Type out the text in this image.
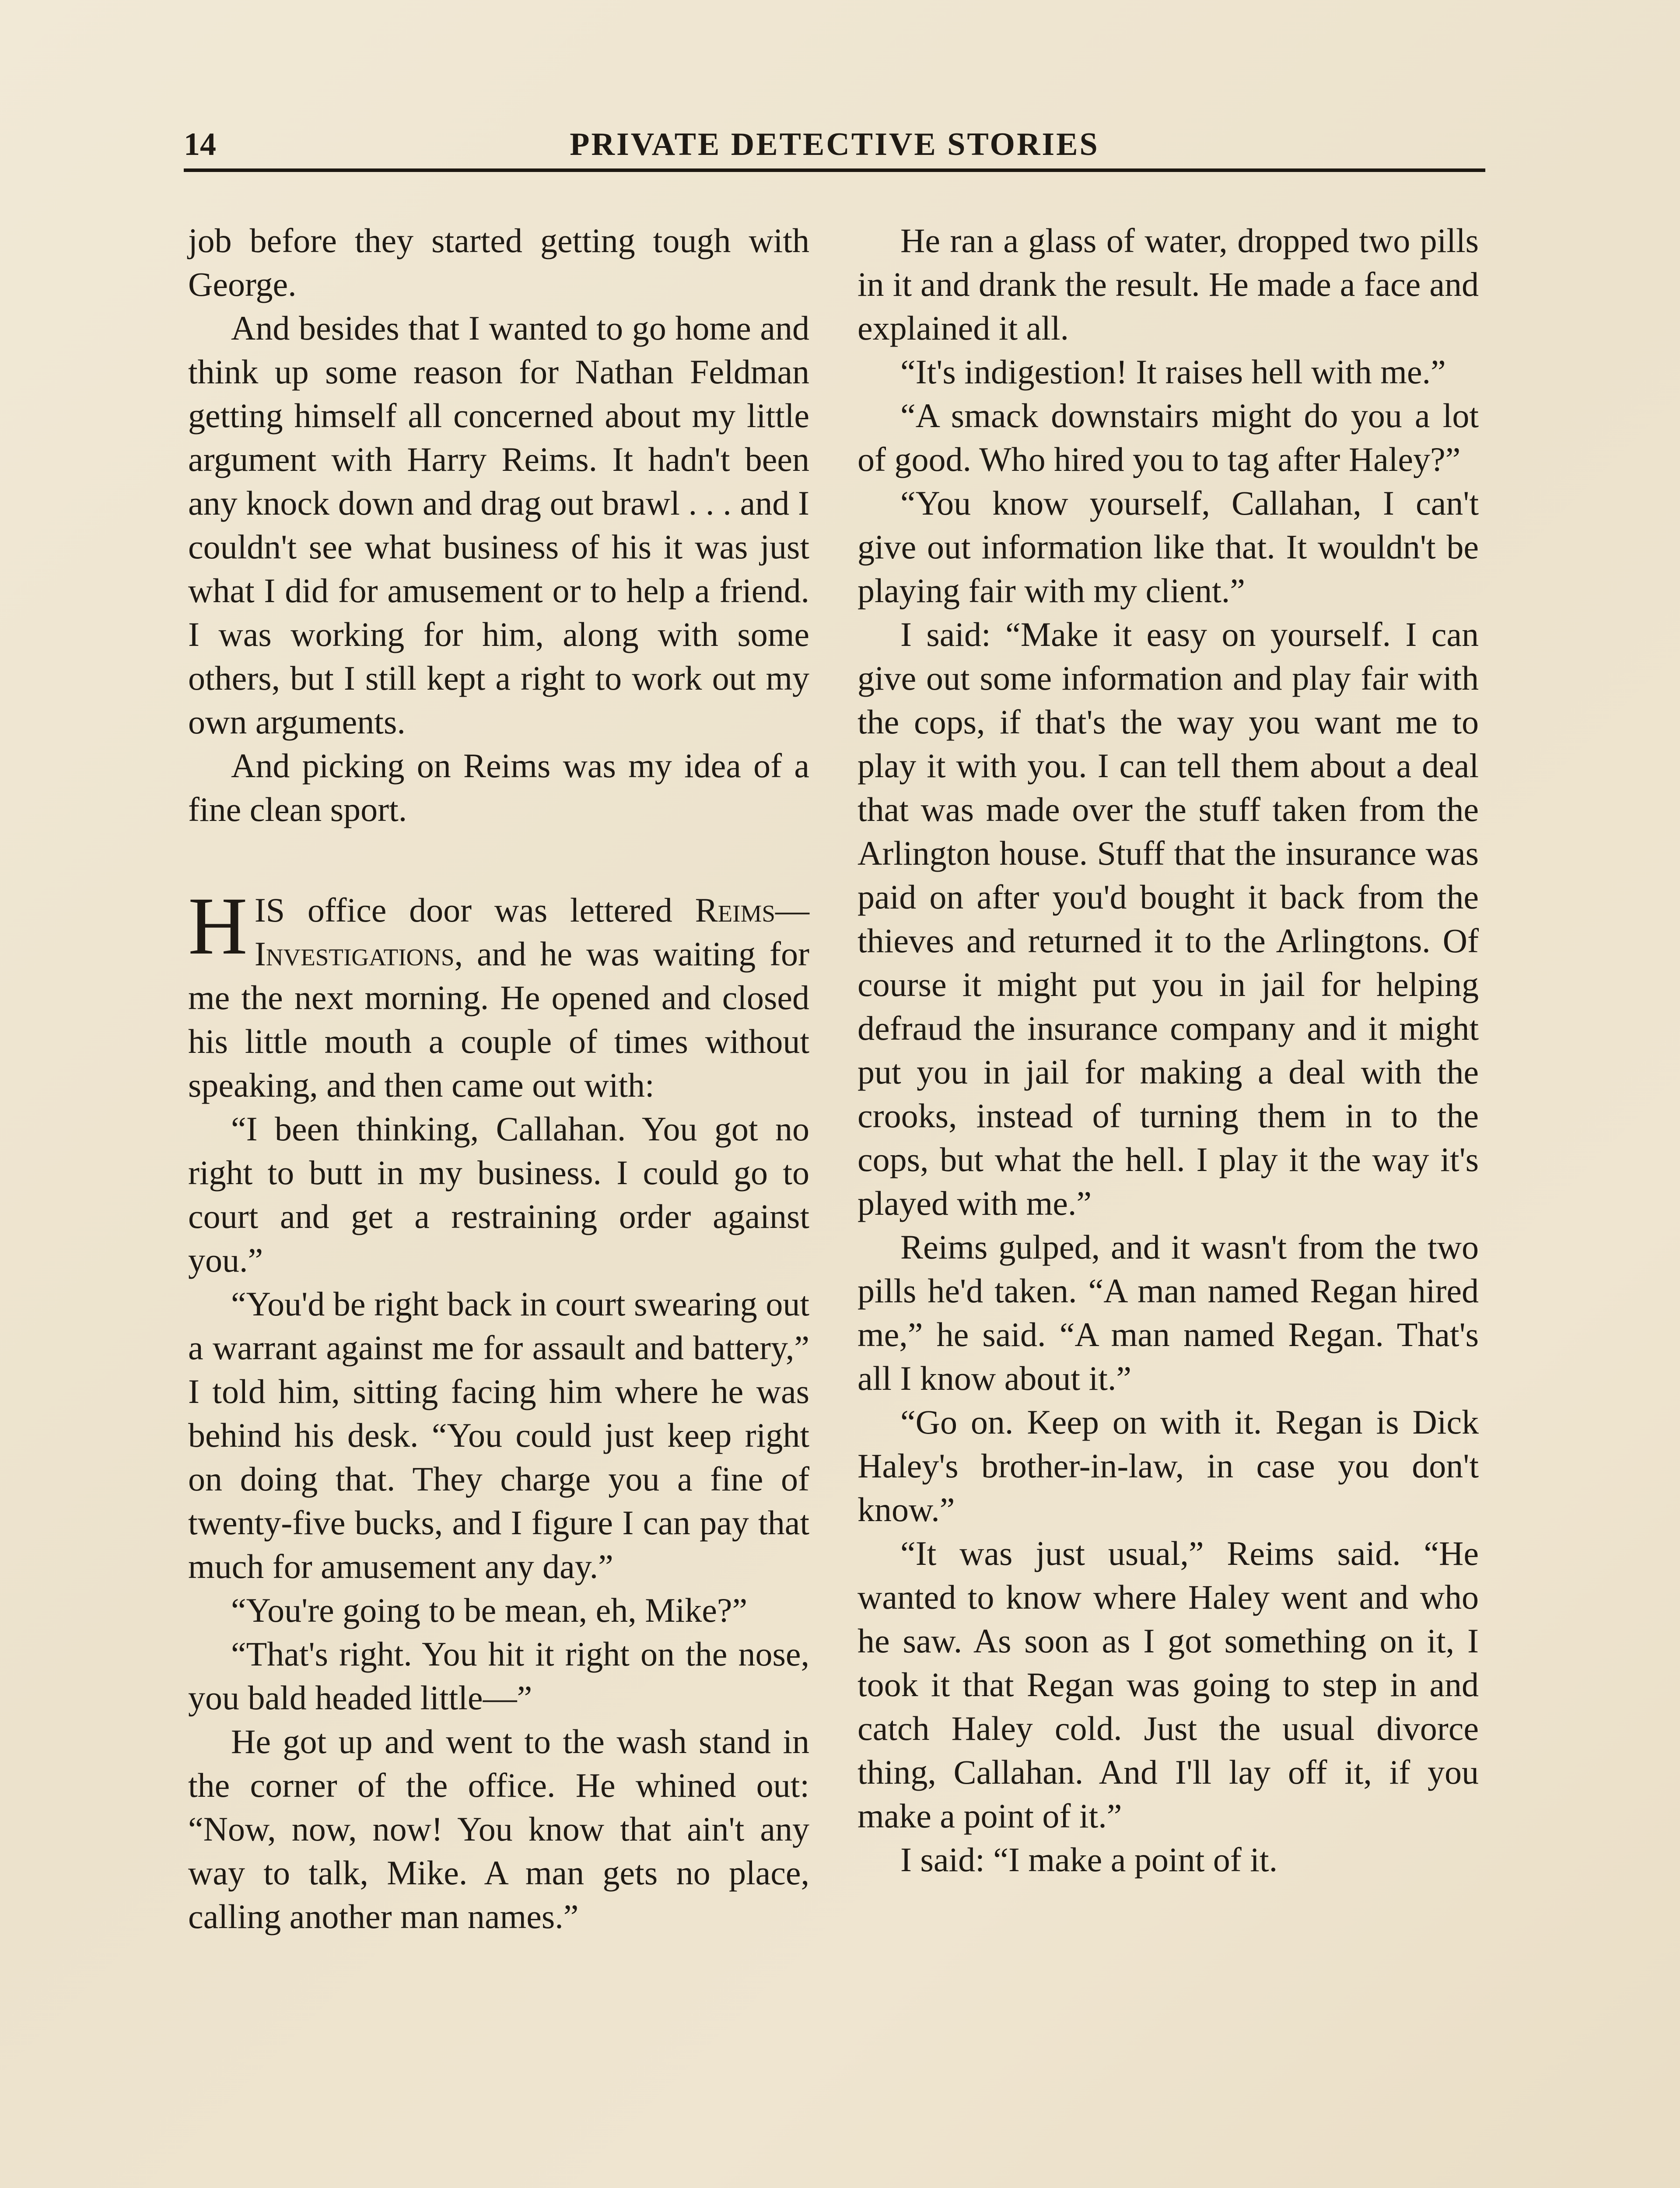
14	PRIVATE DETECTIVE STORIES

job before they started getting tough with George.

And besides that I wanted to go home and think up some reason for Nathan Feldman getting himself all concerned about my little argument with Harry Reims. It hadn't been any knock down and drag out brawl . . . and I couldn't see what business of his it was just what I did for amusement or to help a friend. I was working for him, along with some others, but I still kept a right to work out my own arguments.

And picking on Reims was my idea of a fine clean sport.

HIS office door was lettered Reims—Investigations, and he was waiting for me the next morning. He opened and closed his little mouth a couple of times without speaking, and then came out with:

“I been thinking, Callahan. You got no right to butt in my business. I could go to court and get a restraining order against you.”

“You'd be right back in court swearing out a warrant against me for assault and battery,” I told him, sitting facing him where he was behind his desk. “You could just keep right on doing that. They charge you a fine of twenty-five bucks, and I figure I can pay that much for amusement any day.”

“You're going to be mean, eh, Mike?”

“That's right. You hit it right on the nose, you bald headed little—”

He got up and went to the wash stand in the corner of the office. He whined out: “Now, now, now! You know that ain't any way to talk, Mike. A man gets no place, calling another man names.”

He ran a glass of water, dropped two pills in it and drank the result. He made a face and explained it all.

“It's indigestion! It raises hell with me.”

“A smack downstairs might do you a lot of good. Who hired you to tag after Haley?”

“You know yourself, Callahan, I can't give out information like that. It wouldn't be playing fair with my client.”

I said: “Make it easy on yourself. I can give out some information and play fair with the cops, if that's the way you want me to play it with you. I can tell them about a deal that was made over the stuff taken from the Arlington house. Stuff that the insurance was paid on after you'd bought it back from the thieves and returned it to the Arlingtons. Of course it might put you in jail for helping defraud the insurance company and it might put you in jail for making a deal with the crooks, instead of turning them in to the cops, but what the hell. I play it the way it's played with me.”

Reims gulped, and it wasn't from the two pills he'd taken. “A man named Regan hired me,” he said. “A man named Regan. That's all I know about it.”

“Go on. Keep on with it. Regan is Dick Haley's brother-in-law, in case you don't know.”

“It was just usual,” Reims said. “He wanted to know where Haley went and who he saw. As soon as I got something on it, I took it that Regan was going to step in and catch Haley cold. Just the usual divorce thing, Callahan. And I'll lay off it, if you make a point of it.”

I said: “I make a point of it.
